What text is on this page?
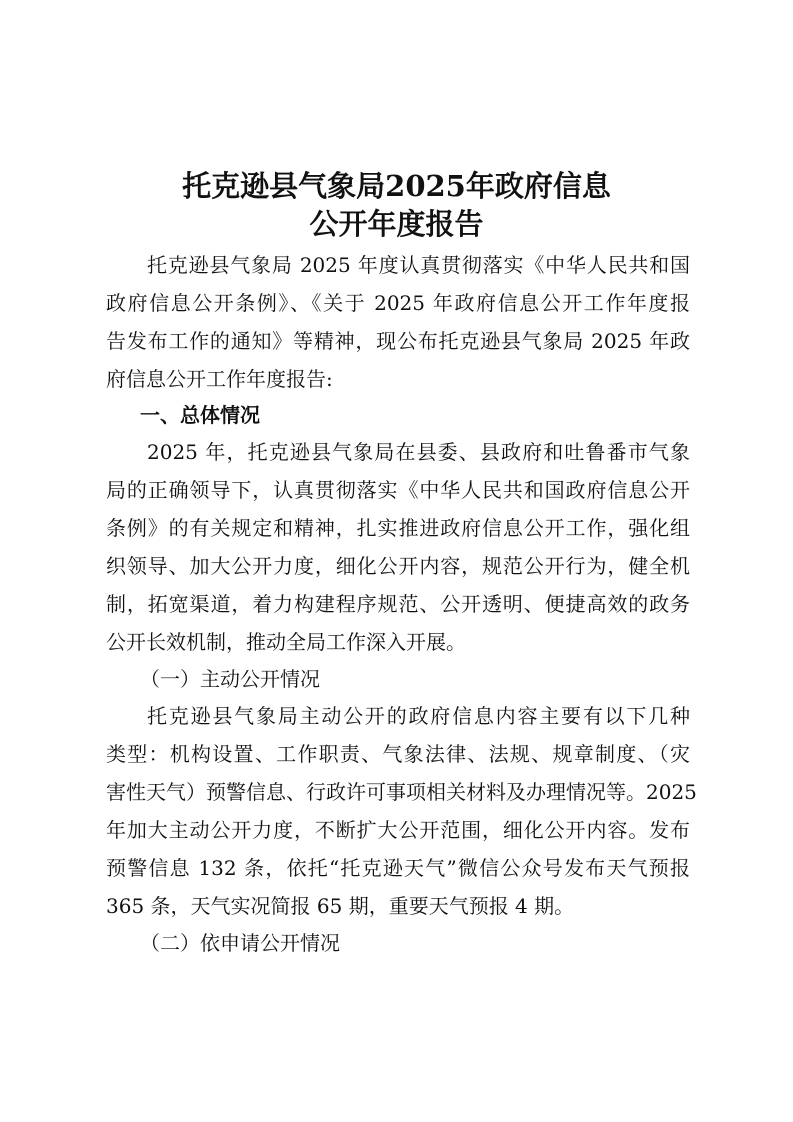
托克逊县气象局2025年政府信息
公开年度报告
托克逊县气象局 2025 年度认真贯彻落实《中华人民共和国
政府信息公开条例》、《关于 2025 年政府信息公开工作年度报
告发布工作的通知》等精神，现公布托克逊县气象局 2025 年政
府信息公开工作年度报告:
一、总体情况
2025 年，托克逊县气象局在县委、县政府和吐鲁番市气象
局的正确领导下，认真贯彻落实《中华人民共和国政府信息公开
条例》的有关规定和精神，扎实推进政府信息公开工作，强化组
织领导、加大公开力度，细化公开内容，规范公开行为，健全机
制，拓宽渠道，着力构建程序规范、公开透明、便捷高效的政务
公开长效机制，推动全局工作深入开展。
（一）主动公开情况
托克逊县气象局主动公开的政府信息内容主要有以下几种
类型：机构设置、工作职责、气象法律、法规、规章制度、（灾
害性天气）预警信息、行政许可事项相关材料及办理情况等。2025
年加大主动公开力度，不断扩大公开范围，细化公开内容。发布
预警信息 132 条，依托“托克逊天气”微信公众号发布天气预报
365 条，天气实况简报 65 期，重要天气预报 4 期。
（二）依申请公开情况
